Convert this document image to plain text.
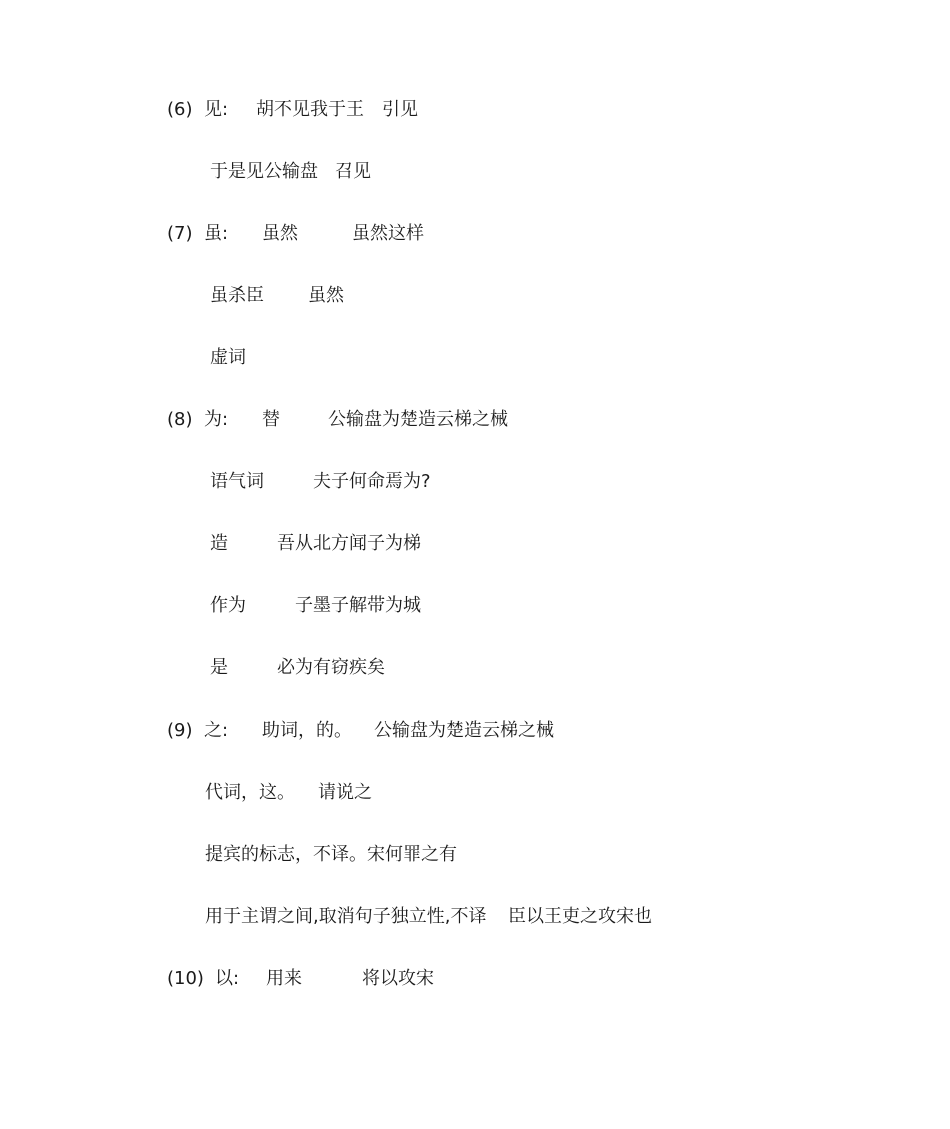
(6) 见: 胡不见我于王 引见
于是见公输盘 召见
(7) 虽: 虽然	虽然这样
虽杀臣 虽然
虚词
(8) 为: 替	公输盘为楚造云梯之械
语气词	夫子何命焉为?
造	吾从北方闻子为梯
作为	子墨子解带为城
是	必为有窃疾矣
(9) 之: 助词，的。 公输盘为楚造云梯之械
代词，这。 请说之
提宾的标志，不译。宋何罪之有
用于主谓之间,取消句子独立性,不译 臣以王吏之攻宋也
(10) 以: 用来	将以攻宋
